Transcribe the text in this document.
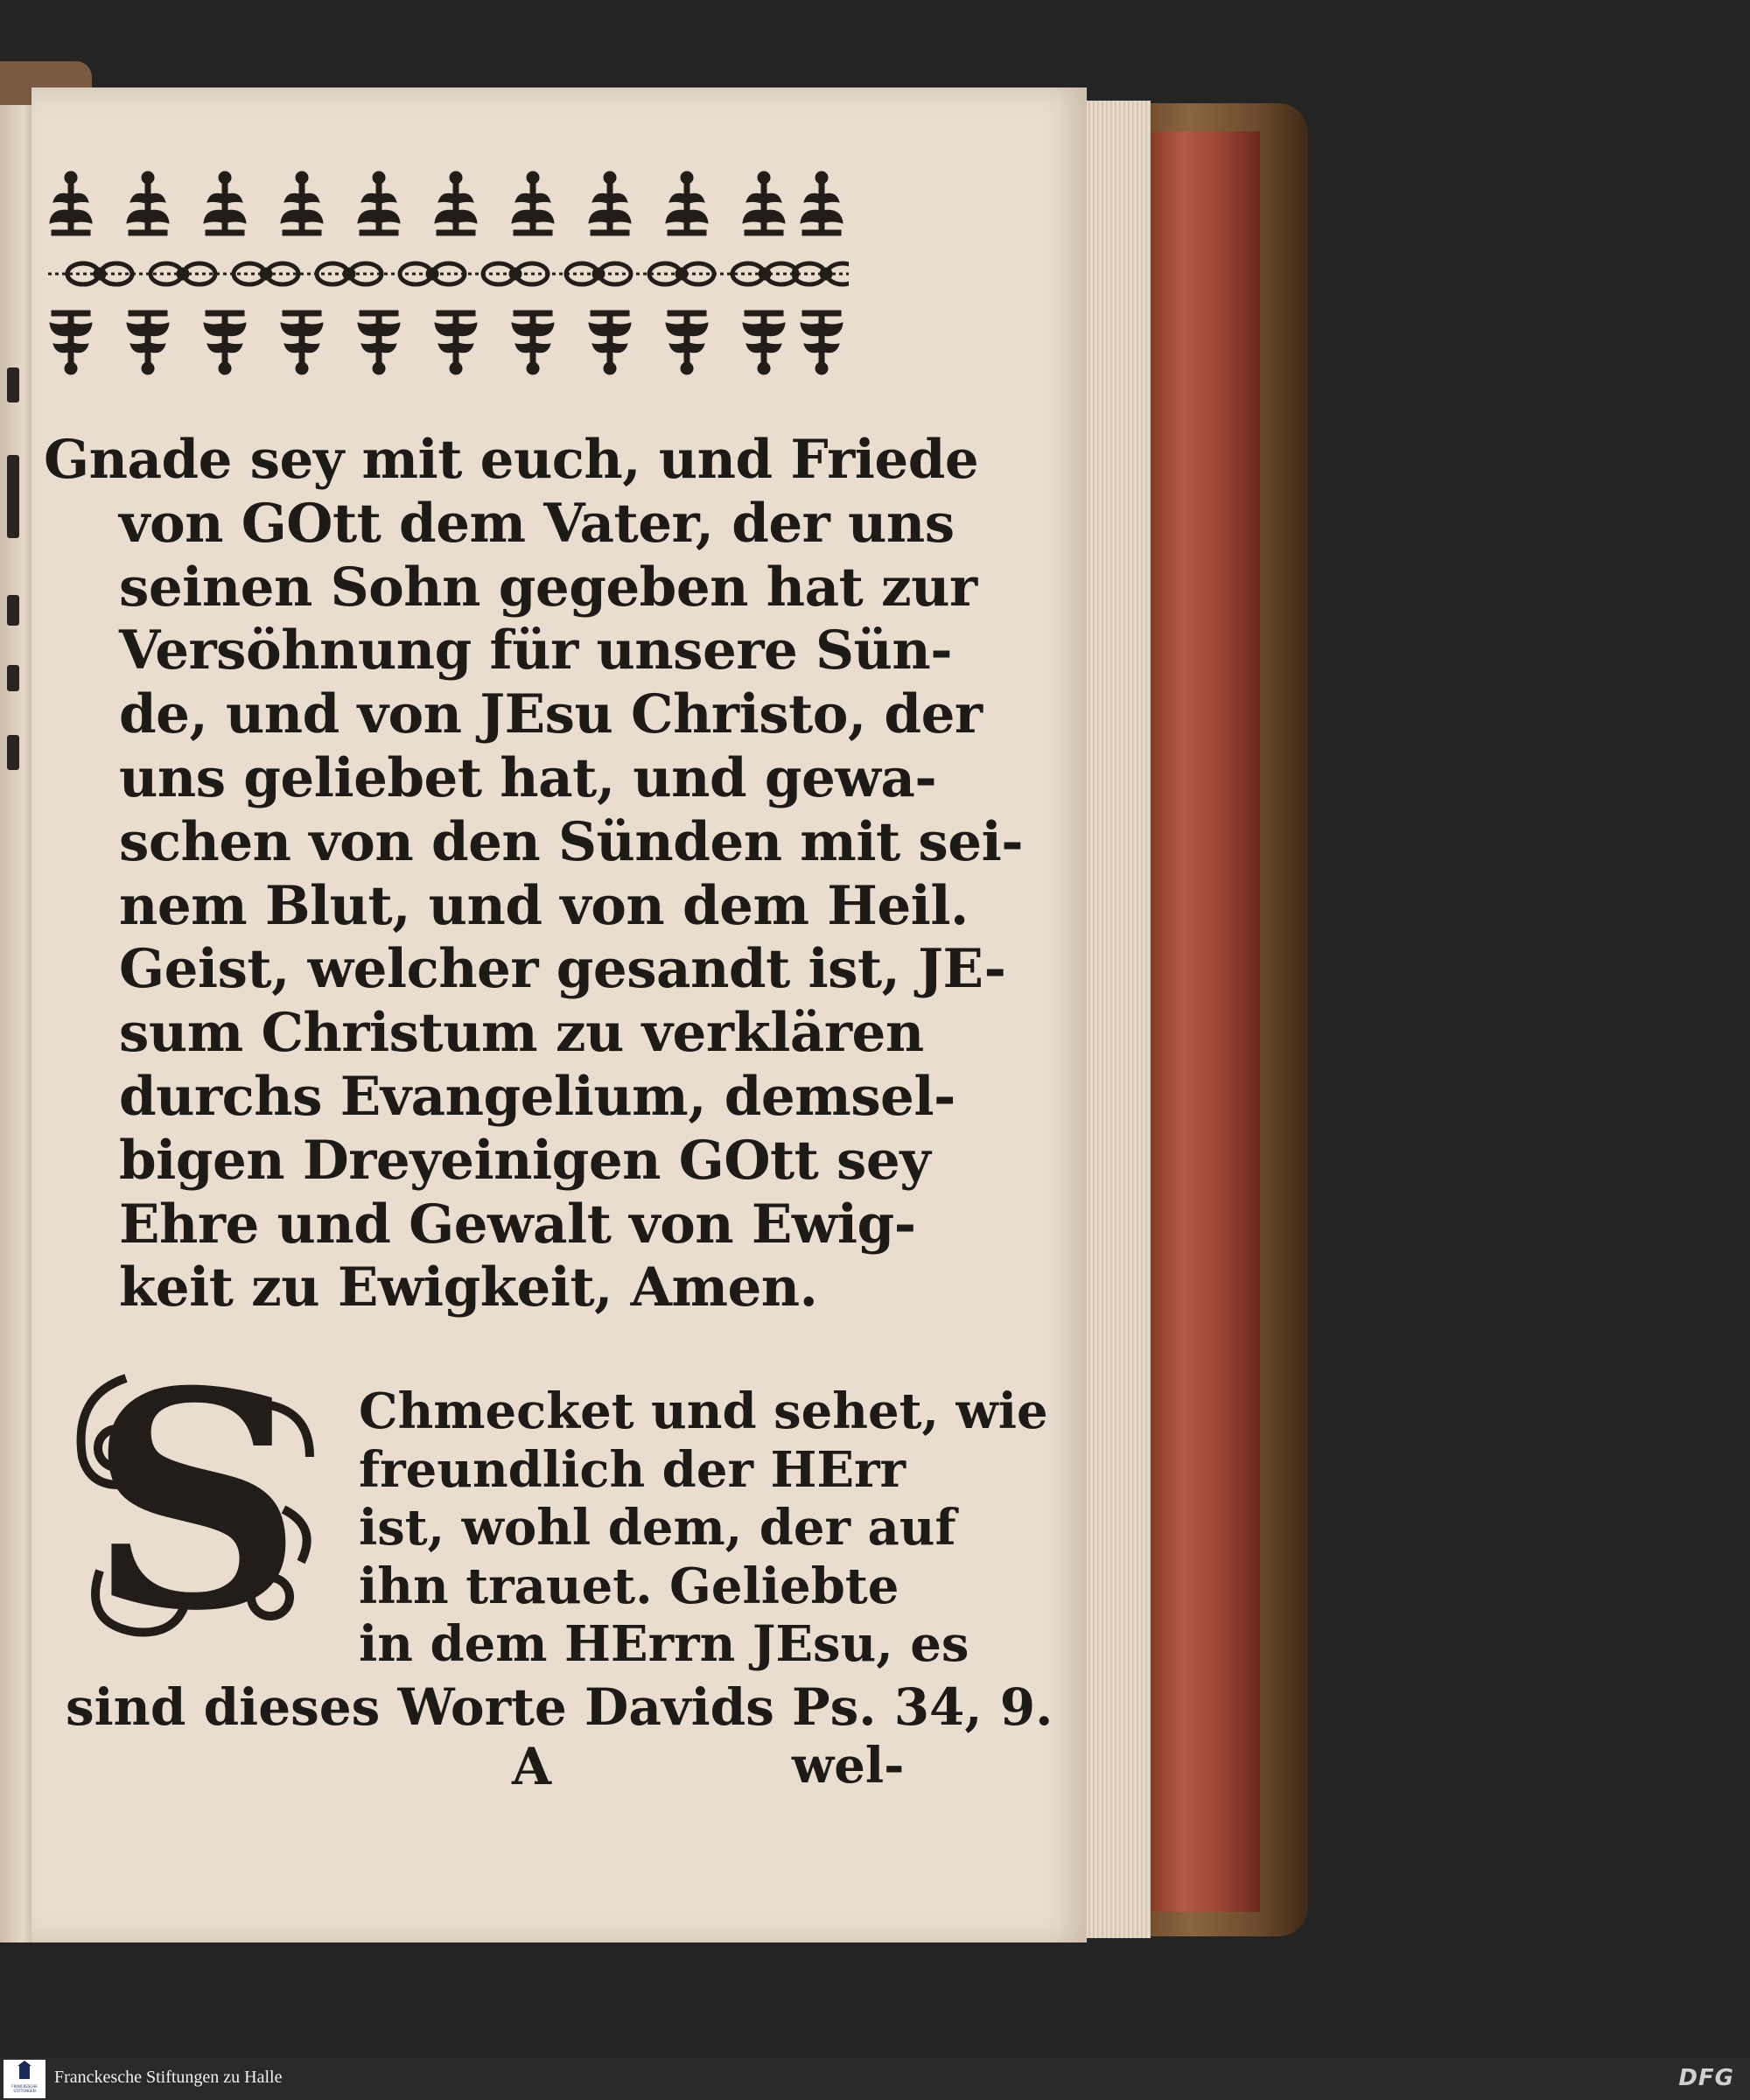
Gnade sey mit euch, und Friede
von GOtt dem Vater, der uns
seinen Sohn gegeben hat zur
Versöhnung für unsere Sün-
de, und von JEsu Christo, der
uns geliebet hat, und gewa-
schen von den Sünden mit sei-
nem Blut, und von dem Heil.
Geist, welcher gesandt ist, JE-
sum Christum zu verklären
durchs Evangelium, demsel-
bigen Dreyeinigen GOtt sey
Ehre und Gewalt von Ewig-
keit zu Ewigkeit, Amen.
S Chmecket und sehet, wie
freundlich der HErr
ist, wohl dem, der auf
ihn trauet. Geliebte
in dem HErrn JEsu, es
sind dieses Worte Davids Ps. 34, 9.
A	wel-
FRANCKESCHE STIFTUNGEN
Franckesche Stiftungen zu Halle	DFG
